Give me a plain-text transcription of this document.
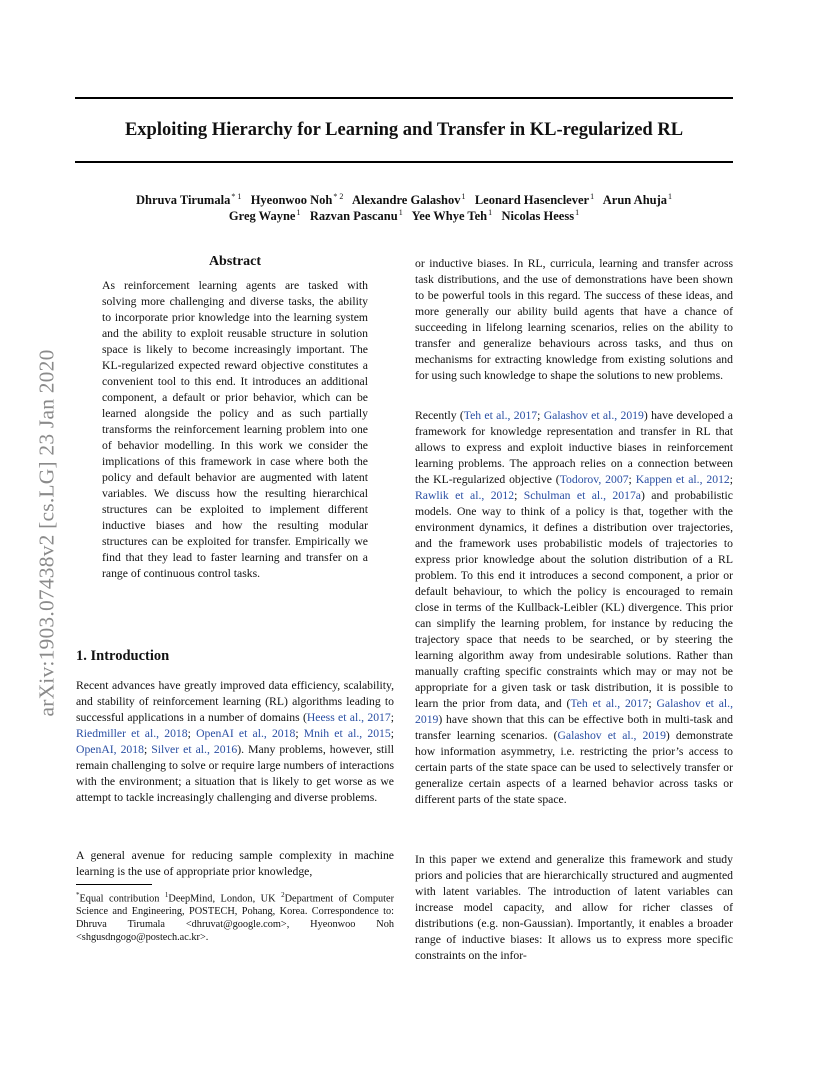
arXiv:1903.07438v2 [cs.LG] 23 Jan 2020
Exploiting Hierarchy for Learning and Transfer in KL-regularized RL
Dhruva Tirumala$^{* 1}$  Hyeonwoo Noh$^{* 2}$  Alexandre Galashov$^1$  Leonard Hasenclever$^1$  Arun Ahuja$^1$
Greg Wayne$^1$  Razvan Pascanu$^1$  Yee Whye Teh$^1$  Nicolas Heess$^1$
Abstract
As reinforcement learning agents are tasked with solving more challenging and diverse tasks, the ability to incorporate prior knowledge into the learning system and the ability to exploit reusable structure in solution space is likely to become increasingly important. The KL-regularized expected reward objective constitutes a convenient tool to this end. It introduces an additional component, a default or prior behavior, which can be learned alongside the policy and as such partially transforms the reinforcement learning problem into one of behavior modelling. In this work we consider the implications of this framework in case where both the policy and default behavior are augmented with latent variables. We discuss how the resulting hierarchical structures can be exploited to implement different inductive biases and how the resulting modular structures can be exploited for transfer. Empirically we find that they lead to faster learning and transfer on a range of continuous control tasks.
1. Introduction

Recent advances have greatly improved data efficiency, scalability, and stability of reinforcement learning (RL) algorithms leading to successful applications in a number of domains (Heess et al., 2017; Riedmiller et al., 2018; OpenAI et al., 2018; Mnih et al., 2015; OpenAI, 2018; Silver et al., 2016). Many problems, however, still remain challenging to solve or require large numbers of interactions with the environment; a situation that is likely to get worse as we attempt to tackle increasingly challenging and diverse problems.

A general avenue for reducing sample complexity in machine learning is the use of appropriate prior knowledge,

*Equal contribution $^1$DeepMind, London, UK $^2$Department of Computer Science and Engineering, POSTECH, Pohang, Korea. Correspondence to: Dhruva Tirumala <dhruvat@google.com>, Hyeonwoo Noh <shgusdngogo@postech.ac.kr>.

or inductive biases. In RL, curricula, learning and transfer across task distributions, and the use of demonstrations have been shown to be powerful tools in this regard. The success of these ideas, and more generally our ability build agents that have a chance of succeeding in lifelong learning scenarios, relies on the ability to transfer and generalize behaviours across tasks, and thus on mechanisms for extracting knowledge from existing solutions and for using such knowledge to shape the solutions to new problems.

Recently (Teh et al., 2017; Galashov et al., 2019) have developed a framework for knowledge representation and transfer in RL that allows to express and exploit inductive biases in reinforcement learning problems. The approach relies on a connection between the KL-regularized objective (Todorov, 2007; Kappen et al., 2012; Rawlik et al., 2012; Schulman et al., 2017a) and probabilistic models. One way to think of a policy is that, together with the environment dynamics, it defines a distribution over trajectories, and the framework uses probabilistic models of trajectories to express prior knowledge about the solution distribution of a RL problem. To this end it introduces a second component, a prior or default behaviour, to which the policy is encouraged to remain close in terms of the Kullback-Leibler (KL) divergence. This prior can simplify the learning problem, for instance by reducing the trajectory space that needs to be searched, or by steering the learning algorithm away from undesirable solutions. Rather than manually crafting specific constraints which may or may not be appropriate for a given task or task distribution, it is possible to learn the prior from data, and (Teh et al., 2017; Galashov et al., 2019) have shown that this can be effective both in multi-task and transfer learning scenarios. (Galashov et al., 2019) demonstrate how information asymmetry, i.e. restricting the prior’s access to certain parts of the state space can be used to selectively transfer or generalize certain aspects of a learned behavior across tasks or different parts of the state space.

In this paper we extend and generalize this framework and study priors and policies that are hierarchically structured and augmented with latent variables. The introduction of latent variables can increase model capacity, and allow for richer classes of distributions (e.g. non-Gaussian). Importantly, it enables a broader range of inductive biases: It allows us to express more specific constraints on the infor-
